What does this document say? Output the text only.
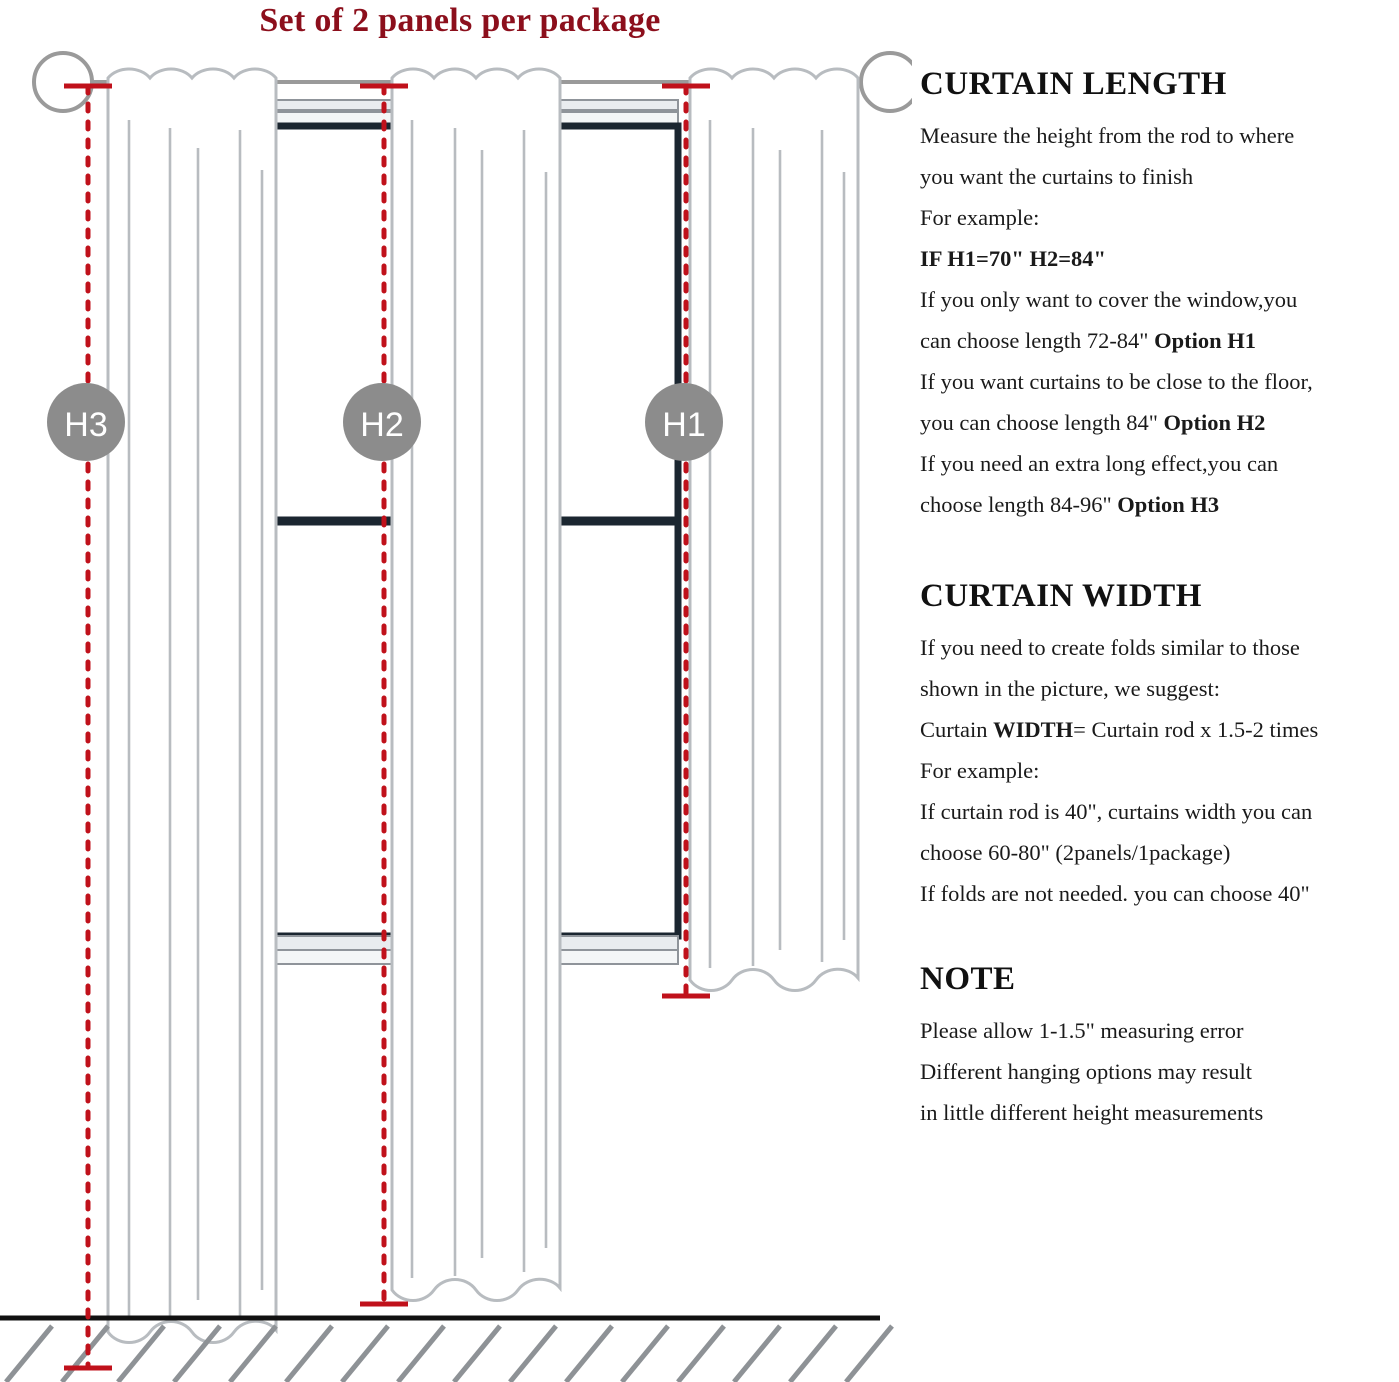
Set of 2 panels per package
H3	H2	H1
CURTAIN LENGTH

Measure the height from the rod to where

you want the curtains to finish

For example:

IF H1=70" H2=84"

If you only want to cover the window,you

can choose length 72-84" Option H1

If you want curtains to be close to the floor,

you can choose length 84" Option H2

If you need an extra long effect,you can

choose length 84-96" Option H3

CURTAIN WIDTH

If you need to create folds similar to those

shown in the picture, we suggest:

Curtain WIDTH= Curtain rod x 1.5-2 times

For example:

If curtain rod is 40", curtains width you can

choose 60-80" (2panels/1package)

If folds are not needed. you can choose 40"

NOTE

Please allow 1-1.5" measuring error

Different hanging options may result

in little different height measurements
